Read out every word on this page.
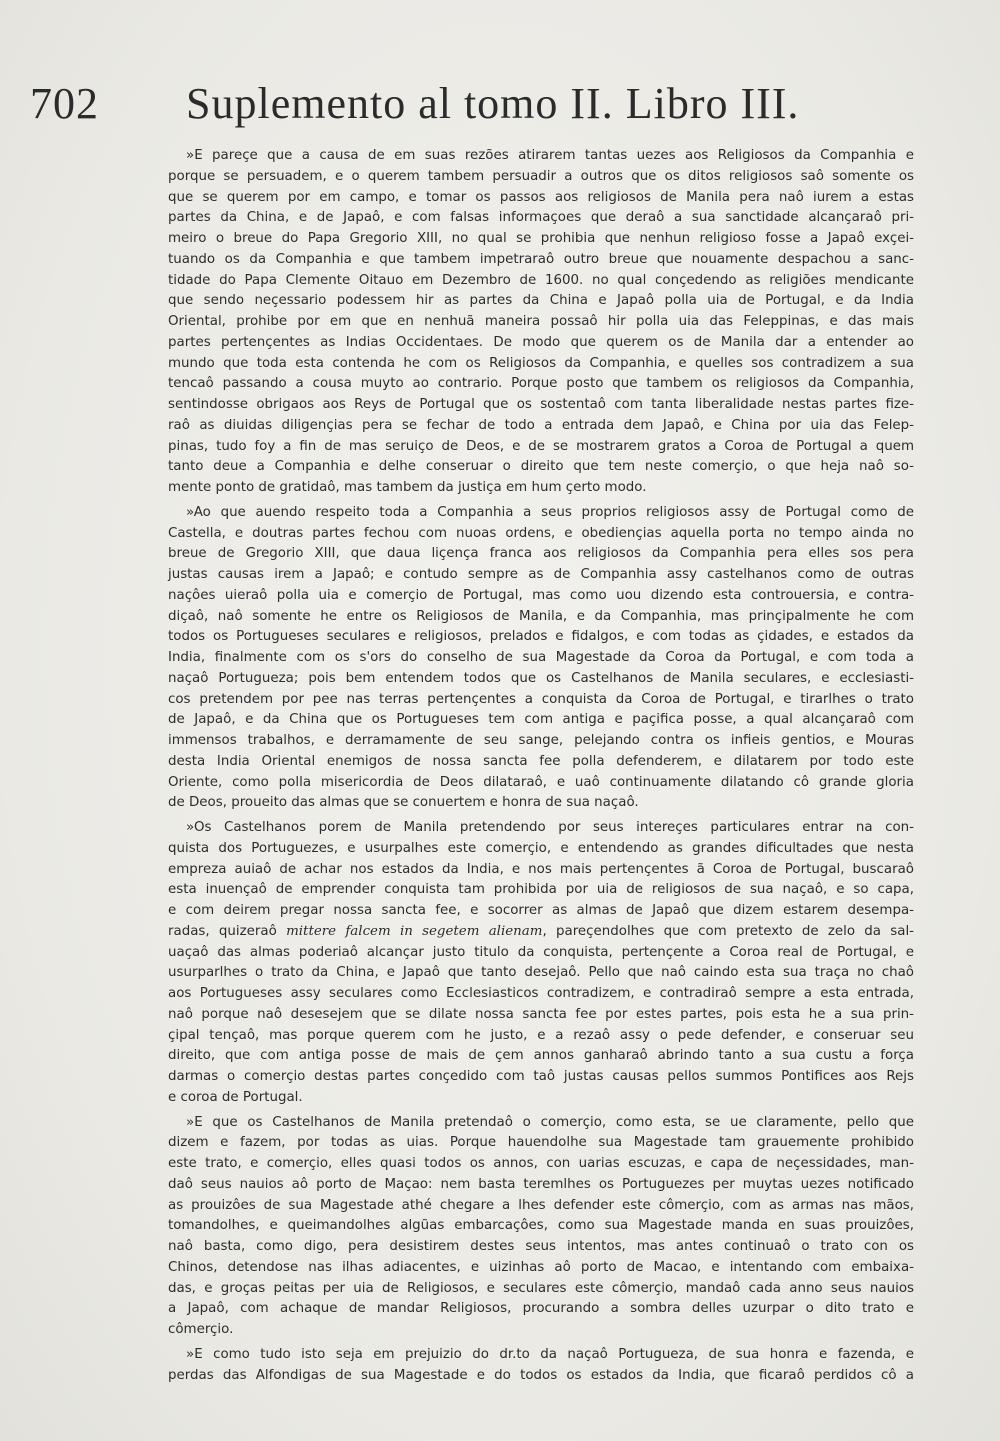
702 Suplemento al tomo II. Libro III.
»E pareçe que a causa de em suas rezões atirarem tantas uezes aos Religiosos da Companhia e
porque se persuadem, e o querem tambem persuadir a outros que os ditos religiosos saô somente os
que se querem por em campo, e tomar os passos aos religiosos de Manila pera naô iurem a estas
partes da China, e de Japaô, e com falsas informaçoes que deraô a sua sanctidade alcançaraô pri-
meiro o breue do Papa Gregorio XIII, no qual se prohibia que nenhun religioso fosse a Japaô exçei-
tuando os da Companhia e que tambem impetraraô outro breue que nouamente despachou a sanc-
tidade do Papa Clemente Oitauo em Dezembro de 1600. no qual conçedendo as religiões mendicante
que sendo neçessario podessem hir as partes da China e Japaô polla uia de Portugal, e da India
Oriental, prohibe por em que en nenhuã maneira possaô hir polla uia das Feleppinas, e das mais
partes pertençentes as Indias Occidentaes. De modo que querem os de Manila dar a entender ao
mundo que toda esta contenda he com os Religiosos da Companhia, e quelles sos contradizem a sua
tencaô passando a cousa muyto ao contrario. Porque posto que tambem os religiosos da Companhia,
sentindosse obrigaos aos Reys de Portugal que os sostentaô com tanta liberalidade nestas partes fize-
raô as diuidas diligençias pera se fechar de todo a entrada dem Japaô, e China por uia das Felep-
pinas, tudo foy a fin de mas seruiço de Deos, e de se mostrarem gratos a Coroa de Portugal a quem
tanto deue a Companhia e delhe conseruar o direito que tem neste comerçio, o que heja naô so-
mente ponto de gratidaô, mas tambem da justiça em hum çerto modo.
»Ao que auendo respeito toda a Companhia a seus proprios religiosos assy de Portugal como de
Castella, e doutras partes fechou com nuoas ordens, e obediençias aquella porta no tempo ainda no
breue de Gregorio XIII, que daua liçença franca aos religiosos da Companhia pera elles sos pera
justas causas irem a Japaô; e contudo sempre as de Companhia assy castelhanos como de outras
naçôes uieraô polla uia e comerçio de Portugal, mas como uou dizendo esta controuersia, e contra-
diçaô, naô somente he entre os Religiosos de Manila, e da Companhia, mas prinçipalmente he com
todos os Portugueses seculares e religiosos, prelados e fidalgos, e com todas as çidades, e estados da
India, finalmente com os s'ors do conselho de sua Magestade da Coroa da Portugal, e com toda a
naçaô Portugueza; pois bem entendem todos que os Castelhanos de Manila seculares, e ecclesiasti-
cos pretendem por pee nas terras pertençentes a conquista da Coroa de Portugal, e tirarlhes o trato
de Japaô, e da China que os Portugueses tem com antiga e paçifica posse, a qual alcançaraô com
immensos trabalhos, e derramamente de seu sange, pelejando contra os infieis gentios, e Mouras
desta India Oriental enemigos de nossa sancta fee polla defenderem, e dilatarem por todo este
Oriente, como polla misericordia de Deos dilataraô, e uaô continuamente dilatando cô grande gloria
de Deos, proueito das almas que se conuertem e honra de sua naçaô.
»Os Castelhanos porem de Manila pretendendo por seus intereçes particulares entrar na con-
quista dos Portuguezes, e usurpalhes este comerçio, e entendendo as grandes dificultades que nesta
empreza auiaô de achar nos estados da India, e nos mais pertençentes ã Coroa de Portugal, buscaraô
esta inuençaô de emprender conquista tam prohibida por uia de religiosos de sua naçaô, e so capa,
e com deirem pregar nossa sancta fee, e socorrer as almas de Japaô que dizem estarem desempa-
radas, quizeraô mittere falcem in segetem alienam, pareçendolhes que com pretexto de zelo da sal-
uaçaô das almas poderiaô alcançar justo titulo da conquista, pertençente a Coroa real de Portugal, e
usurparlhes o trato da China, e Japaô que tanto desejaô. Pello que naô caindo esta sua traça no chaô
aos Portugueses assy seculares como Ecclesiasticos contradizem, e contradiraô sempre a esta entrada,
naô porque naô desesejem que se dilate nossa sancta fee por estes partes, pois esta he a sua prin-
çipal tençaô, mas porque querem com he justo, e a rezaô assy o pede defender, e conseruar seu
direito, que com antiga posse de mais de çem annos ganharaô abrindo tanto a sua custu a força
darmas o comerçio destas partes conçedido com taô justas causas pellos summos Pontifices aos Rejs
e coroa de Portugal.
»E que os Castelhanos de Manila pretendaô o comerçio, como esta, se ue claramente, pello que
dizem e fazem, por todas as uias. Porque hauendolhe sua Magestade tam grauemente prohibido
este trato, e comerçio, elles quasi todos os annos, con uarias escuzas, e capa de neçessidades, man-
daô seus nauios aô porto de Maçao: nem basta teremlhes os Portuguezes per muytas uezes notificado
as prouizôes de sua Magestade athé chegare a lhes defender este cômerçio, com as armas nas mãos,
tomandolhes, e queimandolhes algũas embarcaçôes, como sua Magestade manda en suas prouizôes,
naô basta, como digo, pera desistirem destes seus intentos, mas antes continuaô o trato con os
Chinos, detendose nas ilhas adiacentes, e uizinhas aô porto de Macao, e intentando com embaixa-
das, e groças peitas per uia de Religiosos, e seculares este cômerçio, mandaô cada anno seus nauios
a Japaô, com achaque de mandar Religiosos, procurando a sombra delles uzurpar o dito trato e
cômerçio.
»E como tudo isto seja em prejuizio do dr.to da naçaô Portugueza, de sua honra e fazenda, e
perdas das Alfondigas de sua Magestade e do todos os estados da India, que ficaraô perdidos cô a
